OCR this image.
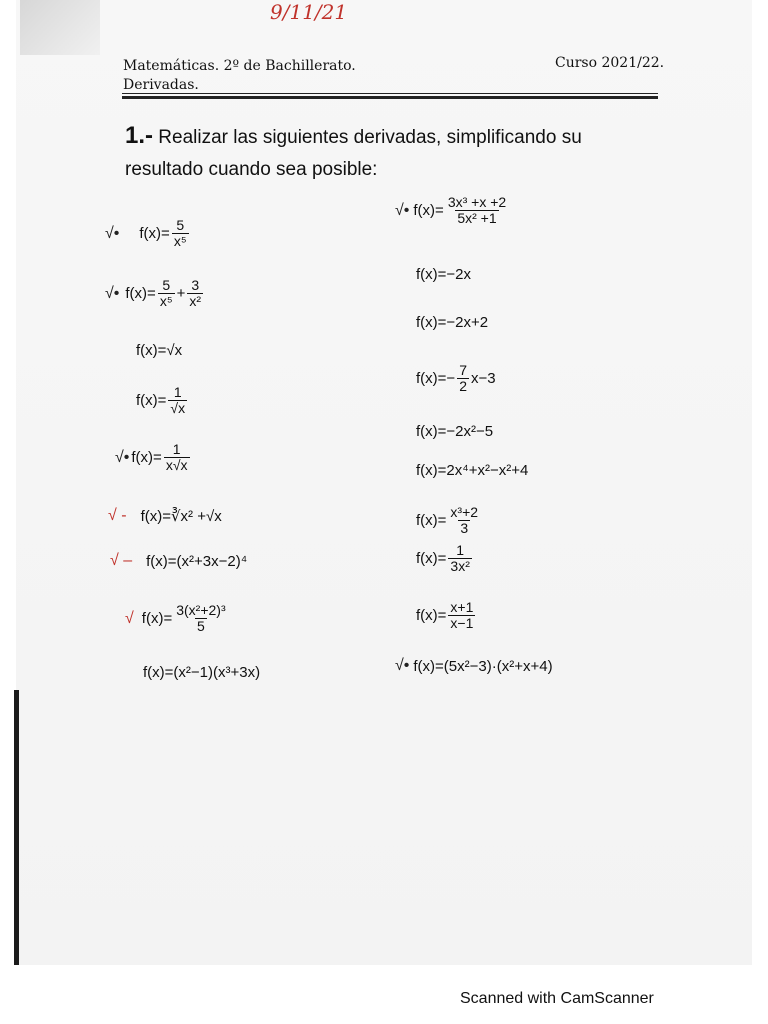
9/11/21
Matemáticas. 2º de Bachillerato.
Derivadas.
Curso 2021/22.
1.- Realizar las siguientes derivadas, simplificando su resultado cuando sea posible:
√• $f(x)= \frac{5}{\text{x⁵}}$
√• $f(x)= \frac{5}{\text{x⁵}} + \frac{3}{\text{x²}}$
f(x)=√x
$f(x)= \frac{1}{√x}$
√• $f(x)= \frac{1}{x√x}$
√ - f(x)=∛x² +√x
√ – f(x)=(x²+3x−2)⁴
√ $f(x)= \frac{\text{3(x²+2)³}}{5}$
f(x)=(x²−1)(x³+3x)
√• $f(x)= \frac{\text{3x³ +x +2}}{\text{5x² +1}}$
f(x)=−2x
f(x)=−2x+2
$f(x)=- \frac{7}{2} x-3$
f(x)=−2x²−5
f(x)=2x⁴+x²−x²+4
$f(x)= \frac{\text{x³+2}}{3}$
$f(x)= \frac{1}{\text{3x²}}$
$f(x)= \frac{x+1}{x-1}$
√• f(x)=(5x²−3)·(x²+x+4)
Scanned with CamScanner
